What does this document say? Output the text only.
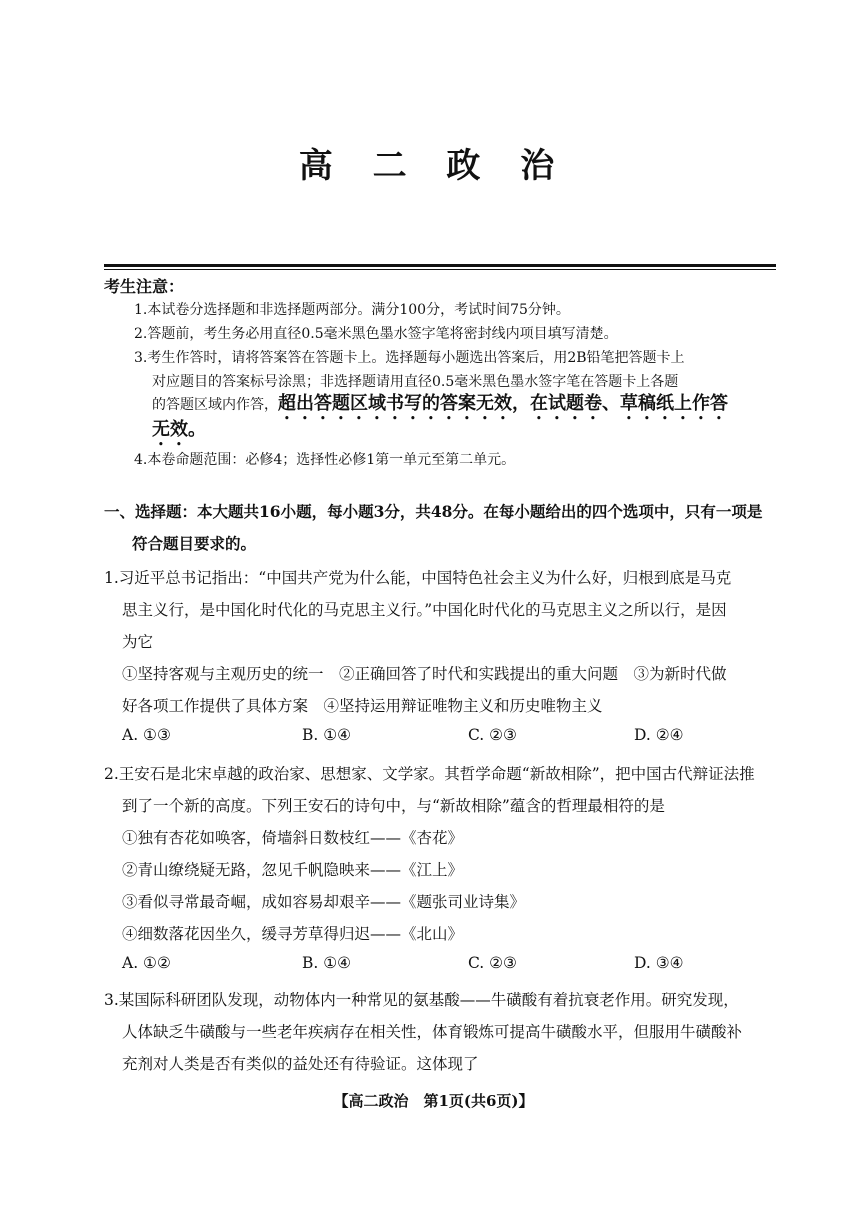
高 二 政 治
考生注意：
1.本试卷分选择题和非选择题两部分。满分100分，考试时间75分钟。
2.答题前，考生务必用直径0.5毫米黑色墨水签字笔将密封线内项目填写清楚。
3.考生作答时，请将答案答在答题卡上。选择题每小题选出答案后，用2B铅笔把答题卡上
对应题目的答案标号涂黑；非选择题请用直径0.5毫米黑色墨水签字笔在答题卡上各题
的答题区域内作答，超出答题区域书写的答案无效，在试题卷、草稿纸上作答
无效。
4.本卷命题范围：必修4；选择性必修1第一单元至第二单元。
一、选择题：本大题共16小题，每小题3分，共48分。在每小题给出的四个选项中，只有一项是
符合题目要求的。
1.习近平总书记指出：“中国共产党为什么能，中国特色社会主义为什么好，归根到底是马克
思主义行，是中国化时代化的马克思主义行。”中国化时代化的马克思主义之所以行，是因
为它
①坚持客观与主观历史的统一　②正确回答了时代和实践提出的重大问题　③为新时代做
好各项工作提供了具体方案　④坚持运用辩证唯物主义和历史唯物主义
A. ①③	B. ①④	C. ②③	D. ②④
2.王安石是北宋卓越的政治家、思想家、文学家。其哲学命题“新故相除”，把中国古代辩证法推
到了一个新的高度。下列王安石的诗句中，与“新故相除”蕴含的哲理最相符的是
①独有杏花如唤客，倚墙斜日数枝红——《杏花》
②青山缭绕疑无路，忽见千帆隐映来——《江上》
③看似寻常最奇崛，成如容易却艰辛——《题张司业诗集》
④细数落花因坐久，缓寻芳草得归迟——《北山》
A. ①②	B. ①④	C. ②③	D. ③④
3.某国际科研团队发现，动物体内一种常见的氨基酸——牛磺酸有着抗衰老作用。研究发现，
人体缺乏牛磺酸与一些老年疾病存在相关性，体育锻炼可提高牛磺酸水平，但服用牛磺酸补
充剂对人类是否有类似的益处还有待验证。这体现了
【高二政治　第1页(共6页)】
